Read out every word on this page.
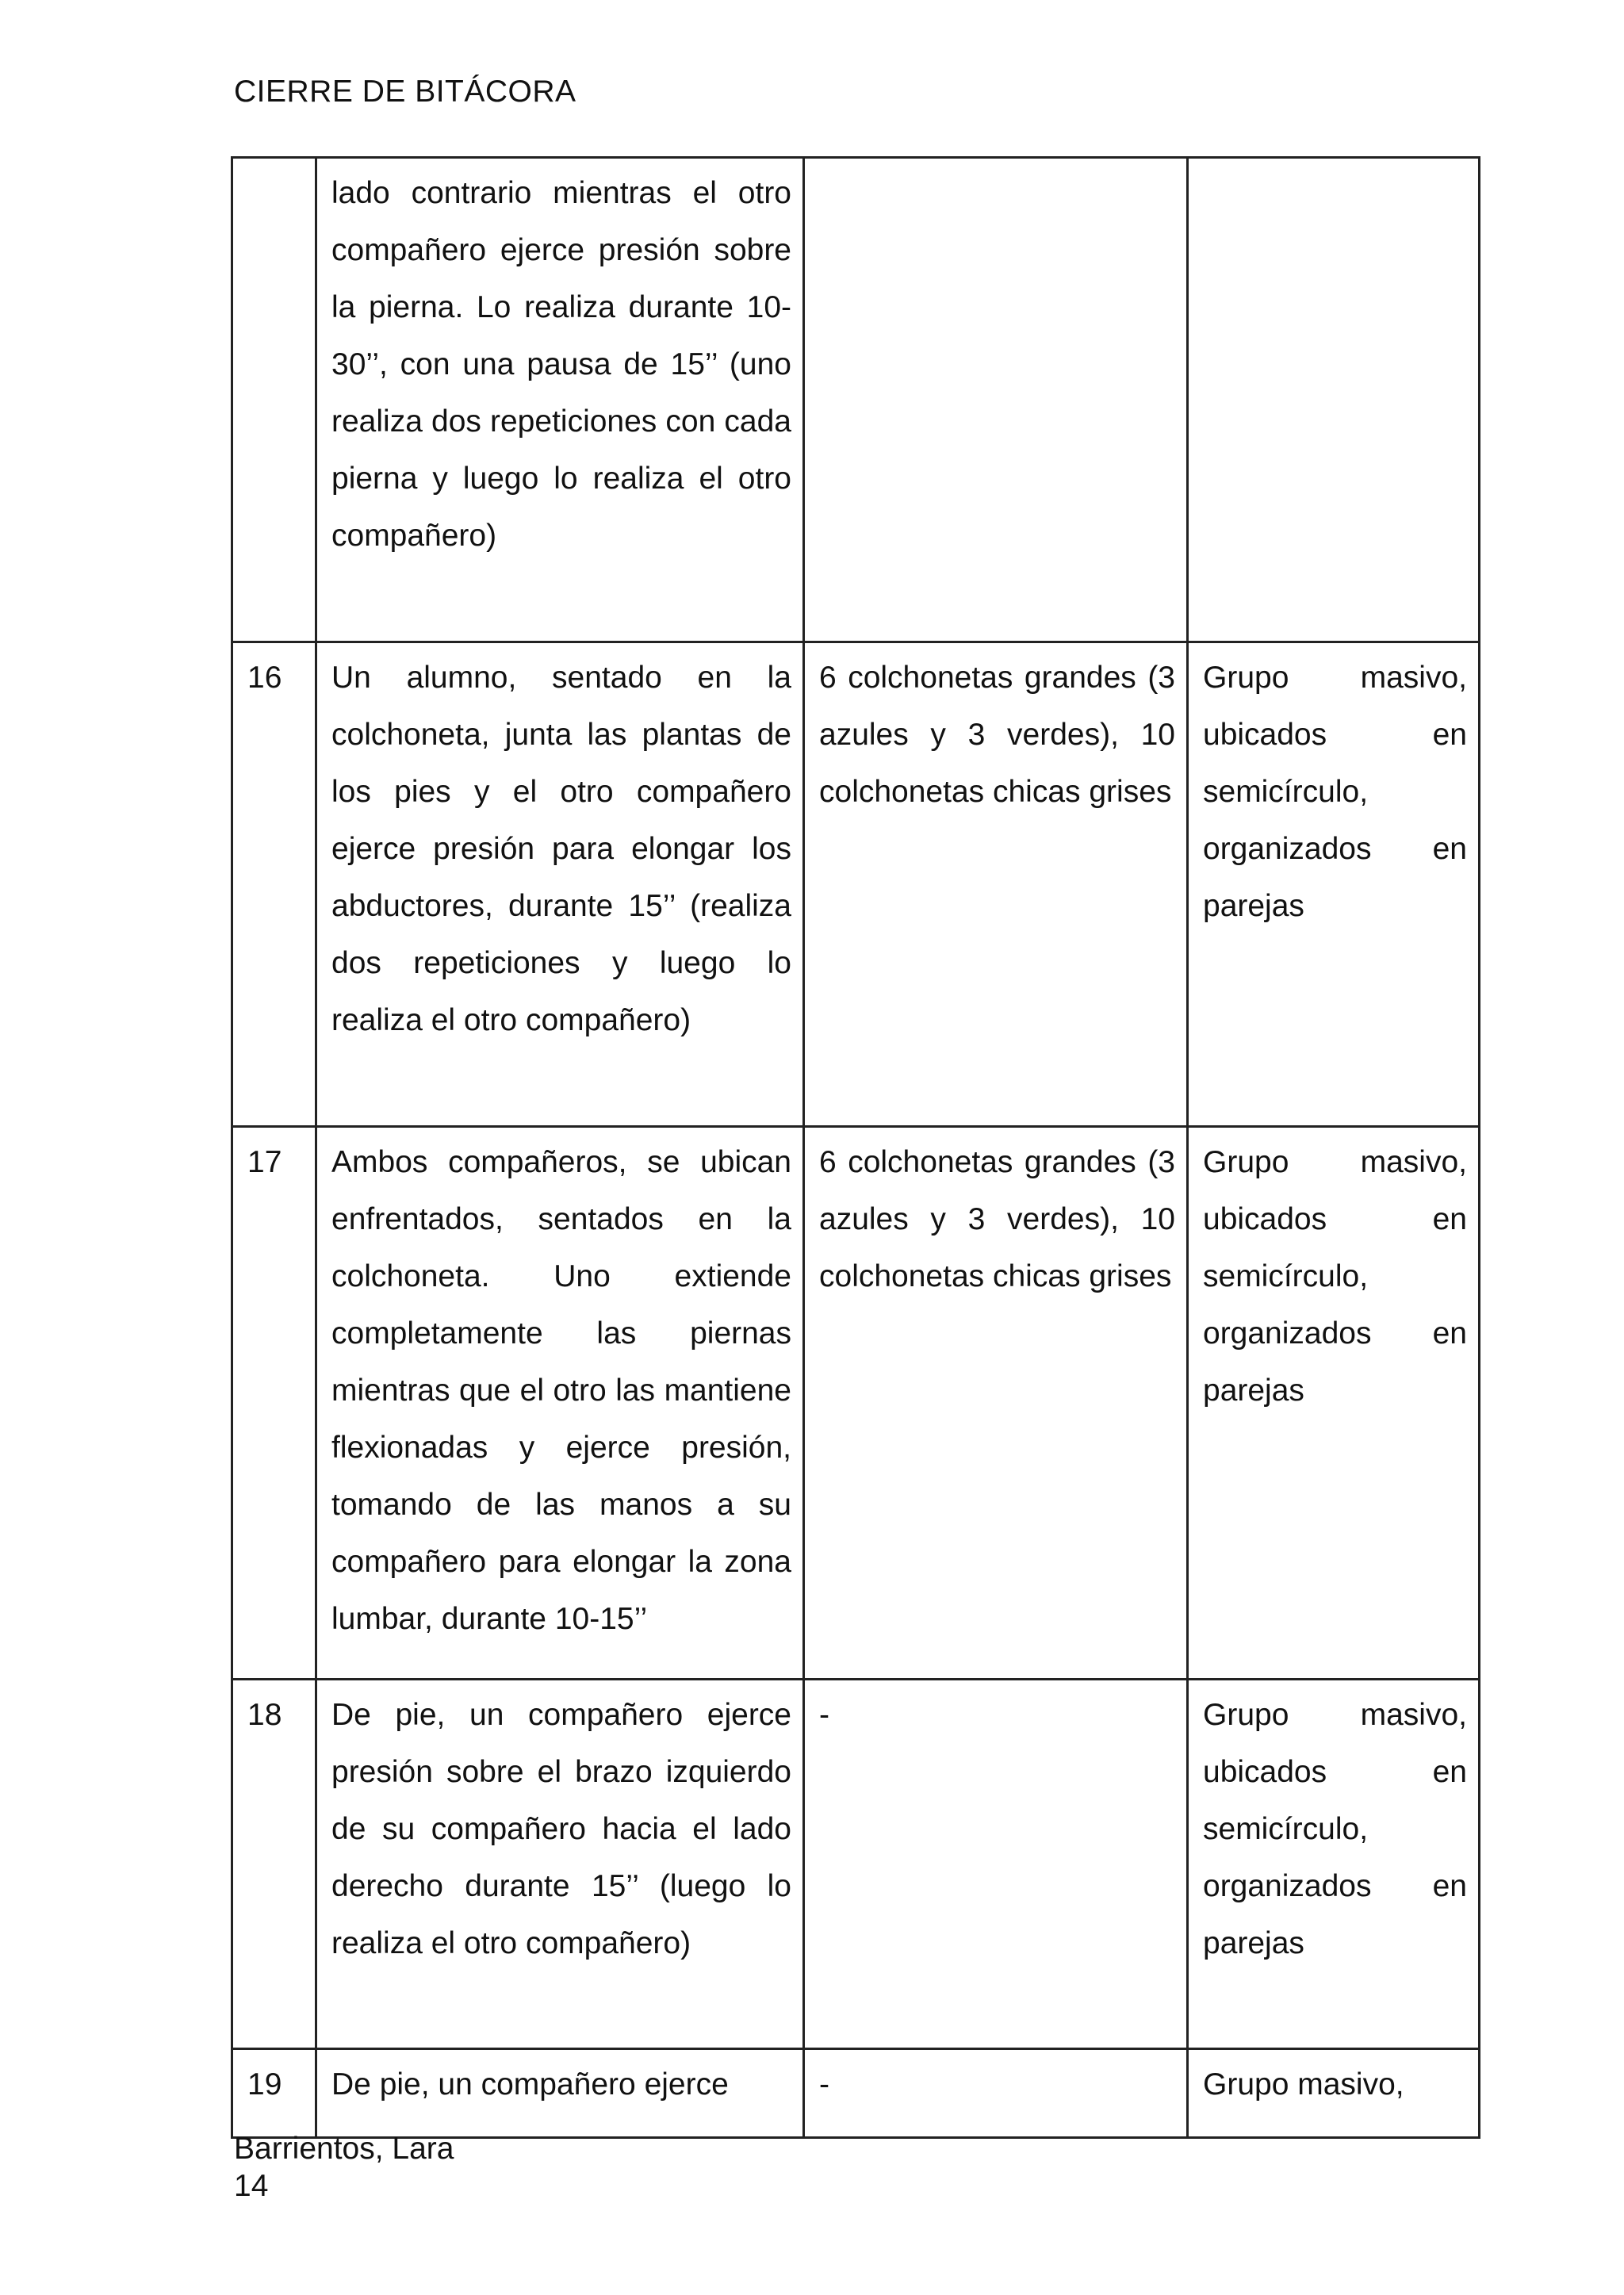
CIERRE DE BITÁCORA
	lado contrario mientras el otro compañero ejerce presión sobre la pierna. Lo realiza durante 10-30’’, con una pausa de 15’’ (uno realiza dos repeticiones con cada pierna y luego lo realiza el otro compañero)		
16	Un alumno, sentado en la colchoneta, junta las plantas de los pies y el otro compañero ejerce presión para elongar los abductores, durante 15’’ (realiza dos repeticiones y luego lo realiza el otro compañero)	6 colchonetas grandes (3 azules y 3 verdes), 10 colchonetas chicas grises	Grupo masivo, ubicados en semicírculo, organizados en parejas
17	Ambos compañeros, se ubican enfrentados, sentados en la colchoneta. Uno extiende completamente las piernas mientras que el otro las mantiene flexionadas y ejerce presión, tomando de las manos a su compañero para elongar la zona lumbar, durante 10-15’’	6 colchonetas grandes (3 azules y 3 verdes), 10 colchonetas chicas grises	Grupo masivo, ubicados en semicírculo, organizados en parejas
18	De pie, un compañero ejerce presión sobre el brazo izquierdo de su compañero hacia el lado derecho durante 15’’ (luego lo realiza el otro compañero)	-	Grupo masivo, ubicados en semicírculo, organizados en parejas
19	De pie, un compañero ejerce	-	Grupo masivo,
Barrientos, Lara
14
